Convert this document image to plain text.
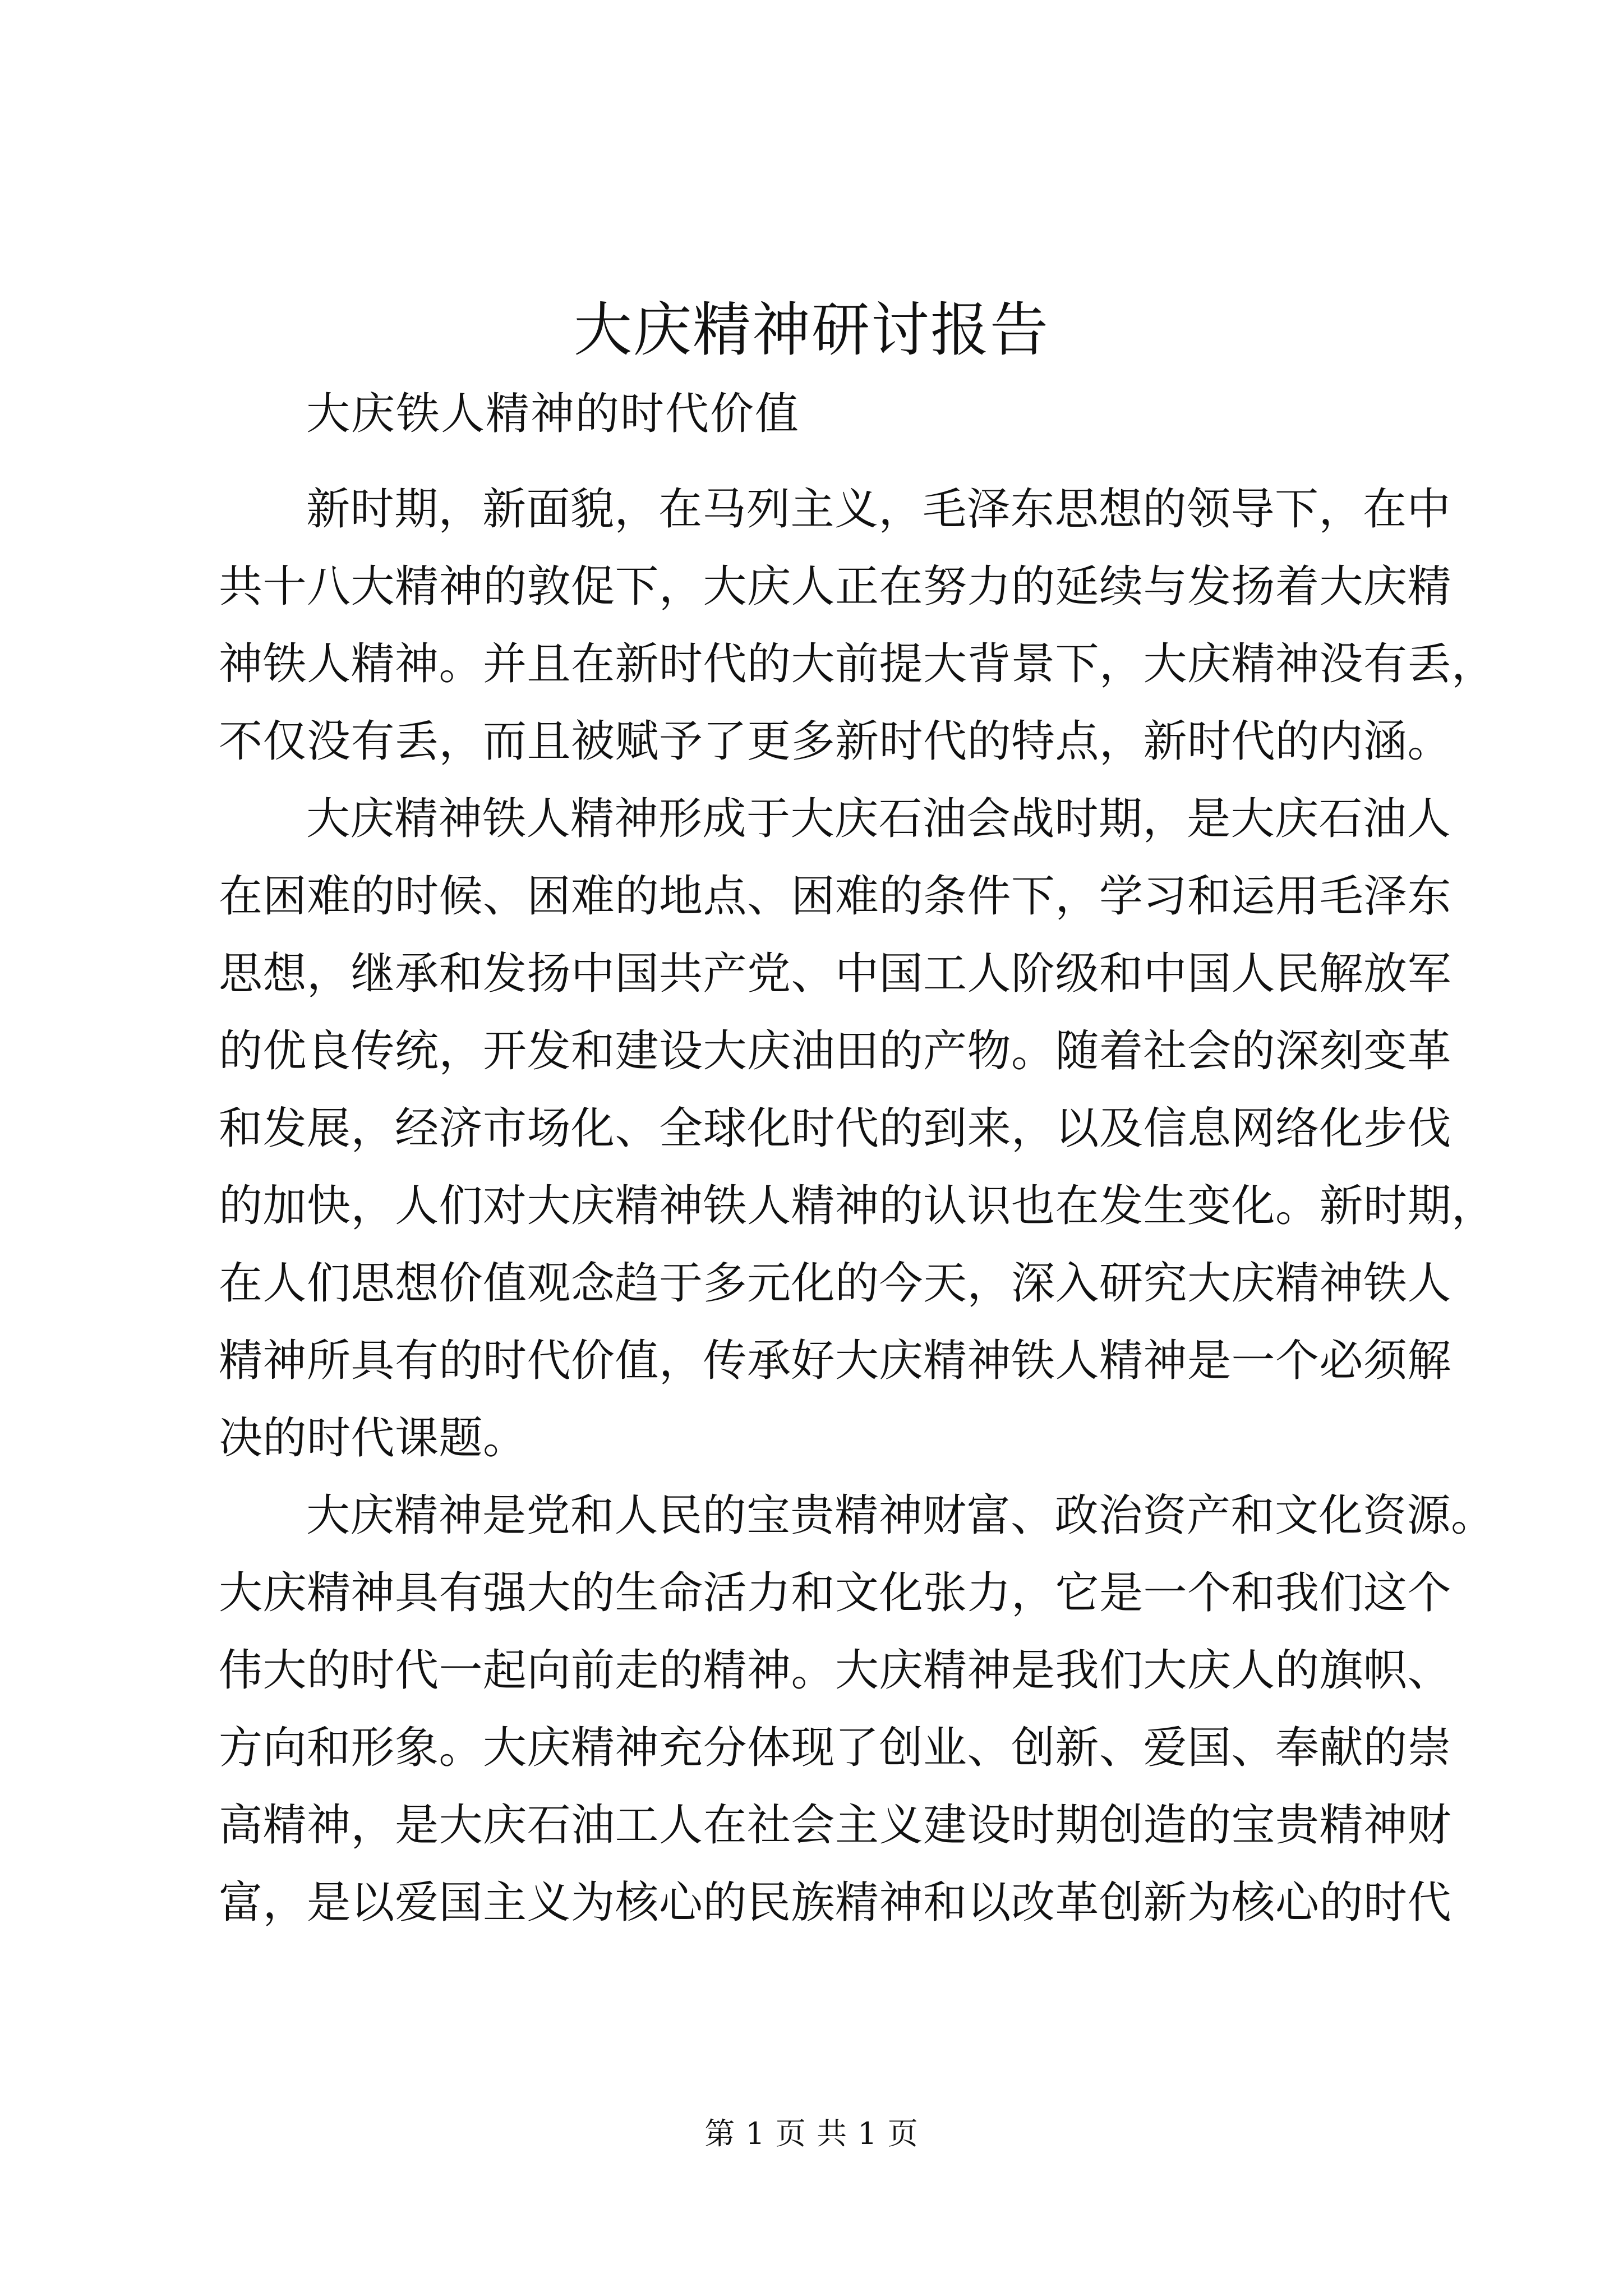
大庆精神研讨报告

大庆铁人精神的时代价值

新时期，新面貌，在马列主义，毛泽东思想的领导下，在中

共十八大精神的敦促下，大庆人正在努力的延续与发扬着大庆精

神铁人精神。并且在新时代的大前提大背景下，大庆精神没有丢，

不仅没有丢，而且被赋予了更多新时代的特点，新时代的内涵。

大庆精神铁人精神形成于大庆石油会战时期，是大庆石油人

在困难的时候、困难的地点、困难的条件下，学习和运用毛泽东

思想，继承和发扬中国共产党、中国工人阶级和中国人民解放军

的优良传统，开发和建设大庆油田的产物。随着社会的深刻变革

和发展，经济市场化、全球化时代的到来，以及信息网络化步伐

的加快，人们对大庆精神铁人精神的认识也在发生变化。新时期，

在人们思想价值观念趋于多元化的今天，深入研究大庆精神铁人

精神所具有的时代价值，传承好大庆精神铁人精神是一个必须解

决的时代课题。

大庆精神是党和人民的宝贵精神财富、政治资产和文化资源。

大庆精神具有强大的生命活力和文化张力，它是一个和我们这个

伟大的时代一起向前走的精神。大庆精神是我们大庆人的旗帜、

方向和形象。大庆精神充分体现了创业、创新、爱国、奉献的崇

高精神，是大庆石油工人在社会主义建设时期创造的宝贵精神财

富，是以爱国主义为核心的民族精神和以改革创新为核心的时代

第 1 页 共 1 页
